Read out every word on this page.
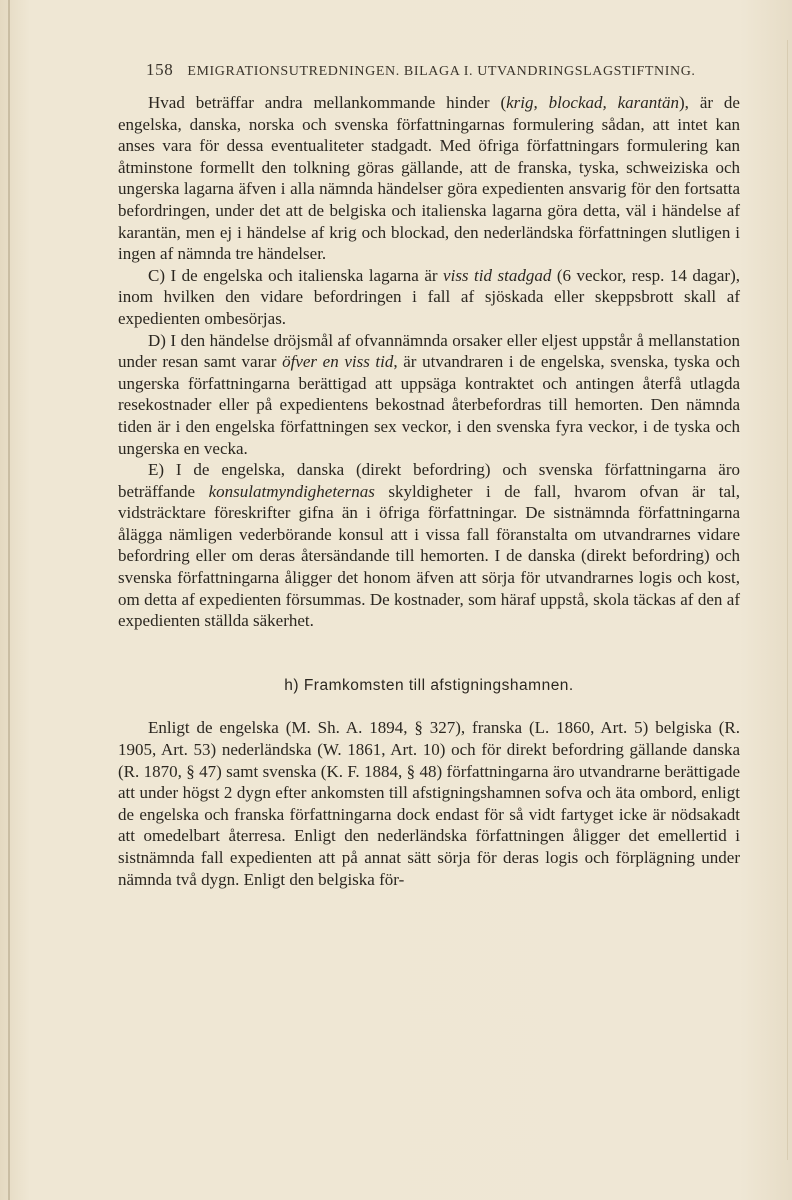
158 EMIGRATIONSUTREDNINGEN. BILAGA I. UTVANDRINGSLAGSTIFTNING.

Hvad beträffar andra mellankommande hinder (krig, blockad, karantän), är de engelska, danska, norska och svenska författningarnas formulering sådan, att intet kan anses vara för dessa eventualiteter stadgadt. Med öfriga författningars formulering kan åtminstone formellt den tolkning göras gällande, att de franska, tyska, schweiziska och ungerska lagarna äfven i alla nämnda händelser göra expedienten ansvarig för den fortsatta befordringen, under det att de belgiska och italienska lagarna göra detta, väl i händelse af karantän, men ej i händelse af krig och blockad, den nederländska författningen slutligen i ingen af nämnda tre händelser.

C) I de engelska och italienska lagarna är viss tid stadgad (6 veckor, resp. 14 dagar), inom hvilken den vidare befordringen i fall af sjöskada eller skeppsbrott skall af expedienten ombesörjas.

D) I den händelse dröjsmål af ofvannämnda orsaker eller eljest uppstår å mellanstation under resan samt varar öfver en viss tid, är utvandraren i de engelska, svenska, tyska och ungerska författningarna berättigad att uppsäga kontraktet och antingen återfå utlagda resekostnader eller på expedientens bekostnad återbefordras till hemorten. Den nämnda tiden är i den engelska författningen sex veckor, i den svenska fyra veckor, i de tyska och ungerska en vecka.

E) I de engelska, danska (direkt befordring) och svenska författningarna äro beträffande konsulatmyndigheternas skyldigheter i de fall, hvarom ofvan är tal, vidsträcktare föreskrifter gifna än i öfriga författningar. De sistnämnda författningarna ålägga nämligen vederbörande konsul att i vissa fall föranstalta om utvandrarnes vidare befordring eller om deras återsändande till hemorten. I de danska (direkt befordring) och svenska författningarna åligger det honom äfven att sörja för utvandrarnes logis och kost, om detta af expedienten försummas. De kostnader, som häraf uppstå, skola täckas af den af expedienten ställda säkerhet.

h) Framkomsten till afstigningshamnen.

Enligt de engelska (M. Sh. A. 1894, § 327), franska (L. 1860, Art. 5) belgiska (R. 1905, Art. 53) nederländska (W. 1861, Art. 10) och för direkt befordring gällande danska (R. 1870, § 47) samt svenska (K. F. 1884, § 48) författningarna äro utvandrarne berättigade att under högst 2 dygn efter ankomsten till afstigningshamnen sofva och äta ombord, enligt de engelska och franska författningarna dock endast för så vidt fartyget icke är nödsakadt att omedelbart återresa. Enligt den nederländska författningen åligger det emellertid i sistnämnda fall expedienten att på annat sätt sörja för deras logis och förplägning under nämnda två dygn. Enligt den belgiska för-
